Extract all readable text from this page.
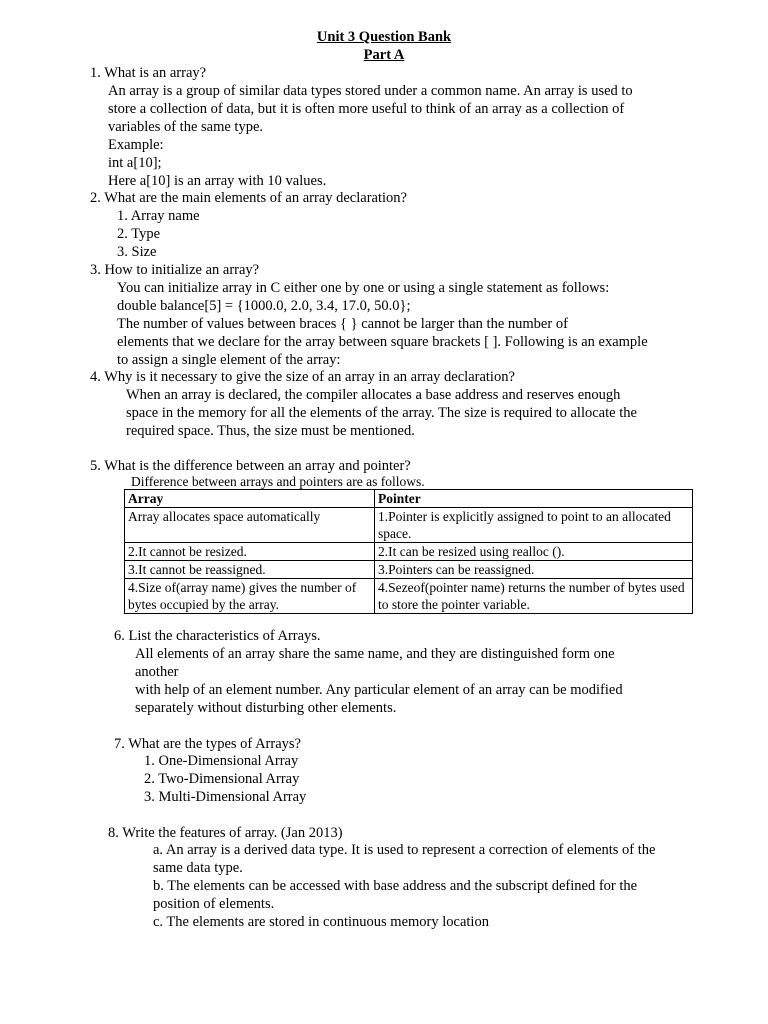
Unit 3 Question Bank
Part A
1. What is an array?
An array is a group of similar data types stored under a common name. An array is used to
store a collection of data, but it is often more useful to think of an array as a collection of
variables of the same type.
Example:
int a[10];
Here a[10] is an array with 10 values.
2. What are the main elements of an array declaration?
1. Array name
2. Type
3. Size
3. How to initialize an array?
You can initialize array in C either one by one or using a single statement as follows:
double balance[5] = {1000.0, 2.0, 3.4, 17.0, 50.0};
The number of values between braces { } cannot be larger than the number of
elements that we declare for the array between square brackets [ ]. Following is an example
to assign a single element of the array:
4. Why is it necessary to give the size of an array in an array declaration?
When an array is declared, the compiler allocates a base address and reserves enough
space in the memory for all the elements of the array. The size is required to allocate the
required space. Thus, the size must be mentioned.
5. What is the difference between an array and pointer?
Difference between arrays and pointers are as follows.
Array	Pointer
Array allocates space automatically	1.Pointer is explicitly assigned to point to an allocated space.
2.It cannot be resized.	2.It can be resized using realloc ().
3.It cannot be reassigned.	3.Pointers can be reassigned.
4.Size of(array name) gives the number of bytes occupied by the array.	4.Sezeof(pointer name) returns the number of bytes used to store the pointer variable.
6. List the characteristics of Arrays.
All elements of an array share the same name, and they are distinguished form one
another
with help of an element number. Any particular element of an array can be modified
separately without disturbing other elements.
7. What are the types of Arrays?
1. One-Dimensional Array
2. Two-Dimensional Array
3. Multi-Dimensional Array
8. Write the features of array. (Jan 2013)
a. An array is a derived data type. It is used to represent a correction of elements of the
same data type.
b. The elements can be accessed with base address and the subscript defined for the
position of elements.
c. The elements are stored in continuous memory location
